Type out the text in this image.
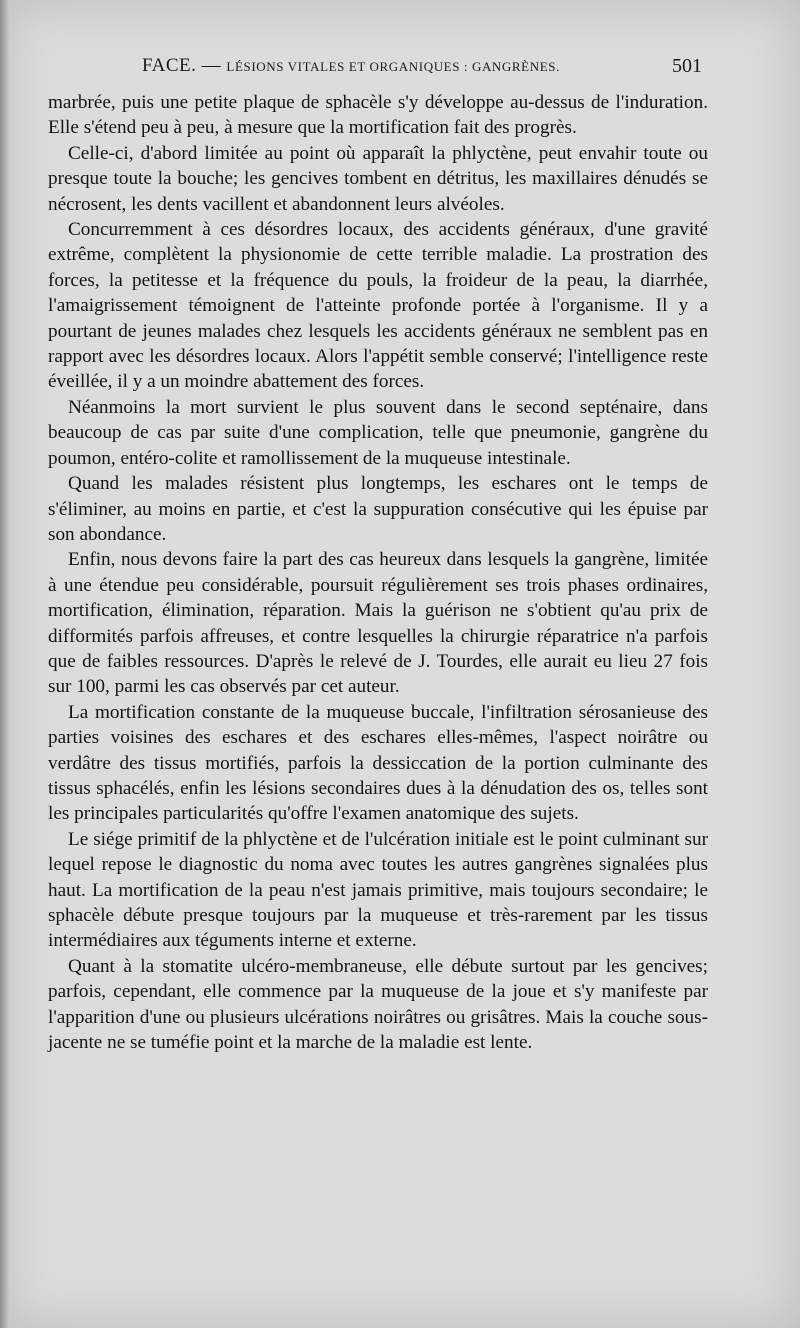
FACE. — LÉSIONS VITALES ET ORGANIQUES : GANGRÈNES.	501

marbrée, puis une petite plaque de sphacèle s'y développe au-dessus de l'induration. Elle s'étend peu à peu, à mesure que la mortification fait des progrès.

Celle-ci, d'abord limitée au point où apparaît la phlyctène, peut envahir toute ou presque toute la bouche; les gencives tombent en détritus, les maxillaires dénudés se nécrosent, les dents vacillent et abandonnent leurs alvéoles.

Concurremment à ces désordres locaux, des accidents généraux, d'une gravité extrême, complètent la physionomie de cette terrible maladie. La prostration des forces, la petitesse et la fréquence du pouls, la froideur de la peau, la diarrhée, l'amaigrissement témoignent de l'atteinte profonde portée à l'organisme. Il y a pourtant de jeunes malades chez lesquels les accidents généraux ne semblent pas en rapport avec les désordres locaux. Alors l'appétit semble conservé; l'intelligence reste éveillée, il y a un moindre abattement des forces.

Néanmoins la mort survient le plus souvent dans le second septénaire, dans beaucoup de cas par suite d'une complication, telle que pneumonie, gangrène du poumon, entéro-colite et ramollissement de la muqueuse intestinale.

Quand les malades résistent plus longtemps, les eschares ont le temps de s'éliminer, au moins en partie, et c'est la suppuration consécutive qui les épuise par son abondance.

Enfin, nous devons faire la part des cas heureux dans lesquels la gangrène, limitée à une étendue peu considérable, poursuit régulièrement ses trois phases ordinaires, mortification, élimination, réparation. Mais la guérison ne s'obtient qu'au prix de difformités parfois affreuses, et contre lesquelles la chirurgie réparatrice n'a parfois que de faibles ressources. D'après le relevé de J. Tourdes, elle aurait eu lieu 27 fois sur 100, parmi les cas observés par cet auteur.

La mortification constante de la muqueuse buccale, l'infiltration sérosanieuse des parties voisines des eschares et des eschares elles-mêmes, l'aspect noirâtre ou verdâtre des tissus mortifiés, parfois la dessiccation de la portion culminante des tissus sphacélés, enfin les lésions secondaires dues à la dénudation des os, telles sont les principales particularités qu'offre l'examen anatomique des sujets.

Le siége primitif de la phlyctène et de l'ulcération initiale est le point culminant sur lequel repose le diagnostic du noma avec toutes les autres gangrènes signalées plus haut. La mortification de la peau n'est jamais primitive, mais toujours secondaire; le sphacèle débute presque toujours par la muqueuse et très-rarement par les tissus intermédiaires aux téguments interne et externe.

Quant à la stomatite ulcéro-membraneuse, elle débute surtout par les gencives; parfois, cependant, elle commence par la muqueuse de la joue et s'y manifeste par l'apparition d'une ou plusieurs ulcérations noirâtres ou grisâtres. Mais la couche sous-jacente ne se tuméfie point et la marche de la maladie est lente.
